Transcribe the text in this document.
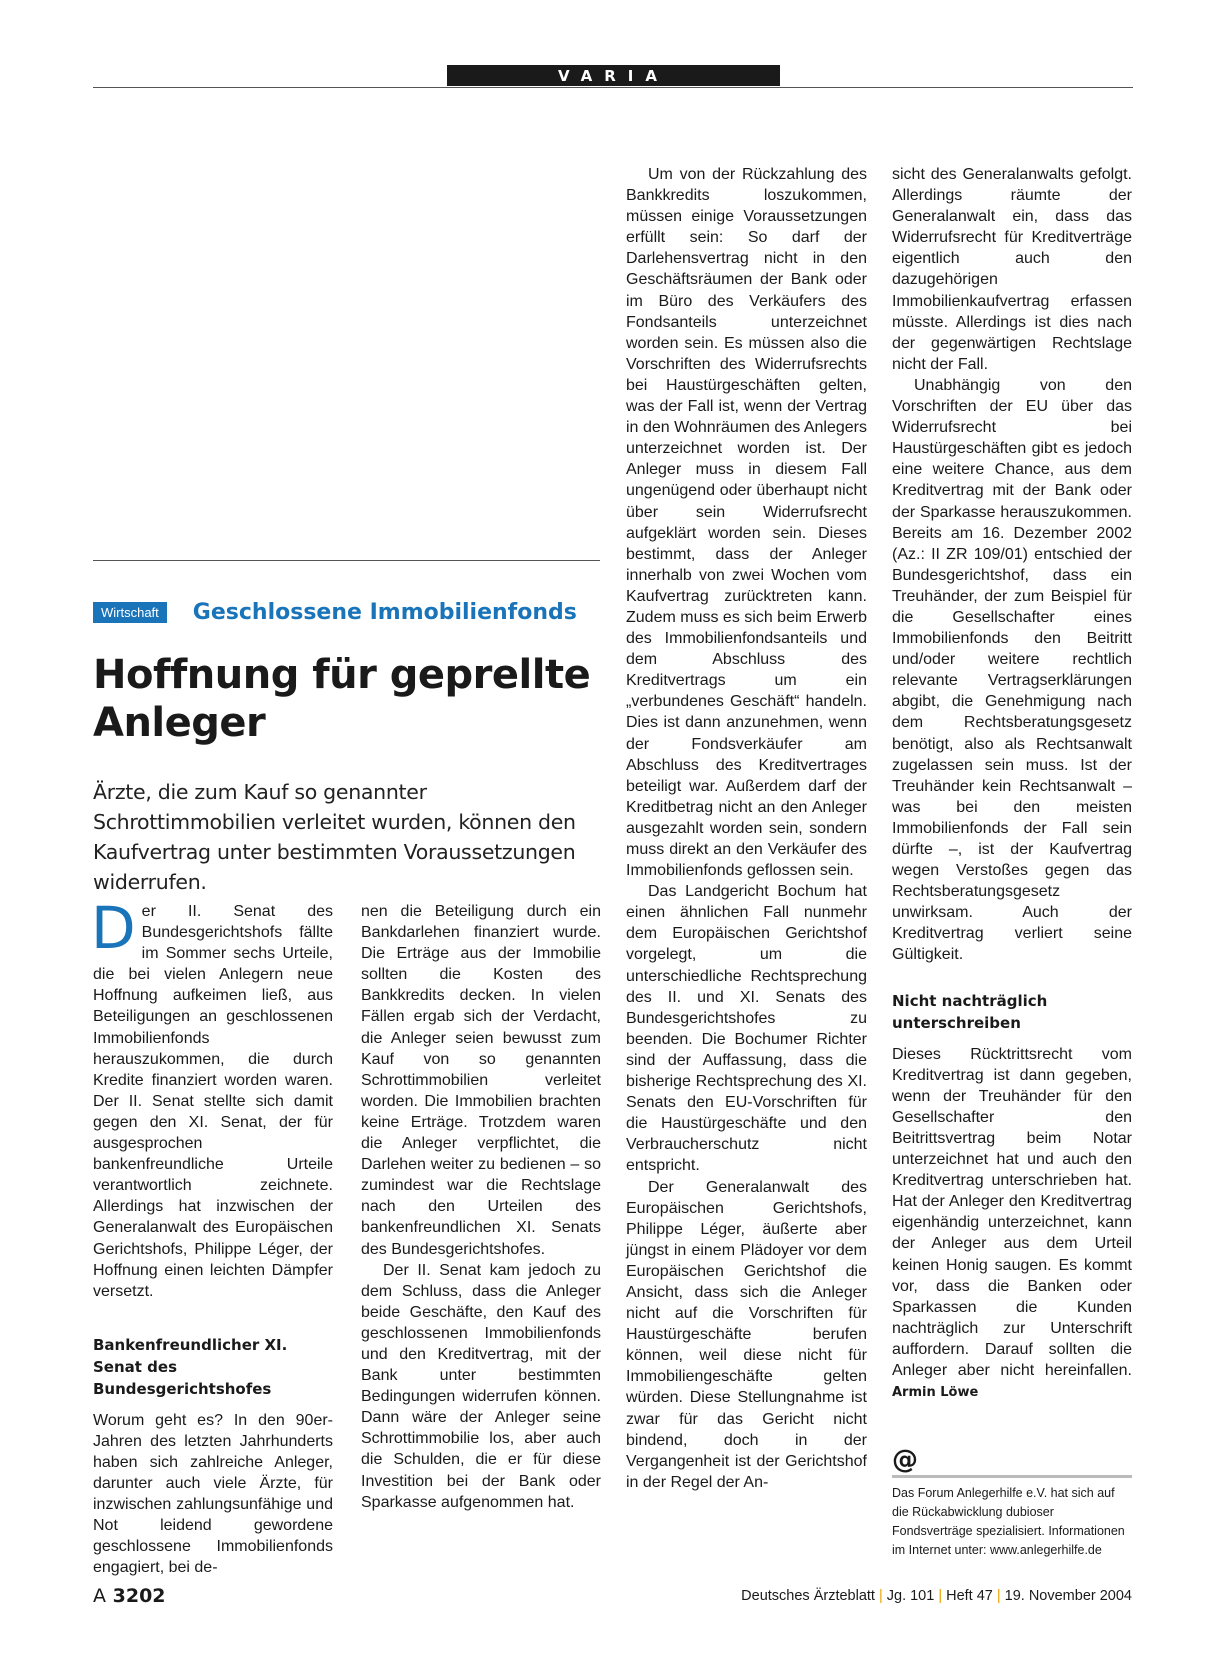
VARIA
Wirtschaft	Geschlossene Immobilienfonds
Hoffnung für geprellte Anleger
Ärzte, die zum Kauf so genannter Schrottimmobilien verleitet wurden, können den Kaufvertrag unter bestimmten Voraussetzungen widerrufen.

Der II. Senat des Bundesgerichtshofs fällte im Sommer sechs Urteile, die bei vielen Anlegern neue Hoffnung aufkeimen ließ, aus Beteiligungen an geschlossenen Immobilienfonds herauszukommen, die durch Kredite finanziert worden waren. Der II. Senat stellte sich damit gegen den XI. Senat, der für ausgesprochen bankenfreundliche Urteile verantwortlich zeichnete. Allerdings hat inzwischen der Generalanwalt des Europäischen Gerichtshofs, Philippe Léger, der Hoffnung einen leichten Dämpfer versetzt.

Bankenfreundlicher XI. Senat des Bundesgerichtshofes

Worum geht es? In den 90er-Jahren des letzten Jahrhunderts haben sich zahlreiche Anleger, darunter auch viele Ärzte, für inzwischen zahlungsunfähige und Not leidend gewordene geschlossene Immobilienfonds engagiert, bei de-

nen die Beteiligung durch ein Bankdarlehen finanziert wurde. Die Erträge aus der Immobilie sollten die Kosten des Bankkredits decken. In vielen Fällen ergab sich der Verdacht, die Anleger seien bewusst zum Kauf von so genannten Schrottimmobilien verleitet worden. Die Immobilien brachten keine Erträge. Trotzdem waren die Anleger verpflichtet, die Darlehen weiter zu bedienen – so zumindest war die Rechtslage nach den Urteilen des bankenfreundlichen XI. Senats des Bundesgerichtshofes.

Der II. Senat kam jedoch zu dem Schluss, dass die Anleger beide Geschäfte, den Kauf des geschlossenen Immobilienfonds und den Kreditvertrag, mit der Bank unter bestimmten Bedingungen widerrufen können. Dann wäre der Anleger seine Schrottimmobilie los, aber auch die Schulden, die er für diese Investition bei der Bank oder Sparkasse aufgenommen hat.

Um von der Rückzahlung des Bankkredits loszukommen, müssen einige Voraussetzungen erfüllt sein: So darf der Darlehensvertrag nicht in den Geschäftsräumen der Bank oder im Büro des Verkäufers des Fondsanteils unterzeichnet worden sein. Es müssen also die Vorschriften des Widerrufsrechts bei Haustürgeschäften gelten, was der Fall ist, wenn der Vertrag in den Wohnräumen des Anlegers unterzeichnet worden ist. Der Anleger muss in diesem Fall ungenügend oder überhaupt nicht über sein Widerrufsrecht aufgeklärt worden sein. Dieses bestimmt, dass der Anleger innerhalb von zwei Wochen vom Kaufvertrag zurücktreten kann. Zudem muss es sich beim Erwerb des Immobilienfondsanteils und dem Abschluss des Kreditvertrags um ein „verbundenes Geschäft“ handeln. Dies ist dann anzunehmen, wenn der Fondsverkäufer am Abschluss des Kreditvertrages beteiligt war. Außerdem darf der Kreditbetrag nicht an den Anleger ausgezahlt worden sein, sondern muss direkt an den Verkäufer des Immobilienfonds geflossen sein.

Das Landgericht Bochum hat einen ähnlichen Fall nunmehr dem Europäischen Gerichtshof vorgelegt, um die unterschiedliche Rechtsprechung des II. und XI. Senats des Bundesgerichtshofes zu beenden. Die Bochumer Richter sind der Auffassung, dass die bisherige Rechtsprechung des XI. Senats den EU-Vorschriften für die Haustürgeschäfte und den Verbraucherschutz nicht entspricht.

Der Generalanwalt des Europäischen Gerichtshofs, Philippe Léger, äußerte aber jüngst in einem Plädoyer vor dem Europäischen Gerichtshof die Ansicht, dass sich die Anleger nicht auf die Vorschriften für Haustürgeschäfte berufen können, weil diese nicht für Immobiliengeschäfte gelten würden. Diese Stellungnahme ist zwar für das Gericht nicht bindend, doch in der Vergangenheit ist der Gerichtshof in der Regel der An-

sicht des Generalanwalts gefolgt. Allerdings räumte der Generalanwalt ein, dass das Widerrufsrecht für Kreditverträge eigentlich auch den dazugehörigen Immobilienkaufvertrag erfassen müsste. Allerdings ist dies nach der gegenwärtigen Rechtslage nicht der Fall.

Unabhängig von den Vorschriften der EU über das Widerrufsrecht bei Haustürgeschäften gibt es jedoch eine weitere Chance, aus dem Kreditvertrag mit der Bank oder der Sparkasse herauszukommen. Bereits am 16. Dezember 2002 (Az.: II ZR 109/01) entschied der Bundesgerichtshof, dass ein Treuhänder, der zum Beispiel für die Gesellschafter eines Immobilienfonds den Beitritt und/oder weitere rechtlich relevante Vertragserklärungen abgibt, die Genehmigung nach dem Rechtsberatungsgesetz benötigt, also als Rechtsanwalt zugelassen sein muss. Ist der Treuhänder kein Rechtsanwalt – was bei den meisten Immobilienfonds der Fall sein dürfte –, ist der Kaufvertrag wegen Verstoßes gegen das Rechtsberatungsgesetz unwirksam. Auch der Kreditvertrag verliert seine Gültigkeit.

Nicht nachträglich unterschreiben

Dieses Rücktrittsrecht vom Kreditvertrag ist dann gegeben, wenn der Treuhänder für den Gesellschafter den Beitrittsvertrag beim Notar unterzeichnet hat und auch den Kreditvertrag unterschrieben hat. Hat der Anleger den Kreditvertrag eigenhändig unterzeichnet, kann der Anleger aus dem Urteil keinen Honig saugen. Es kommt vor, dass die Banken oder Sparkassen die Kunden nachträglich zur Unterschrift auffordern. Darauf sollten die Anleger aber nicht hereinfallen. Armin Löwe

@
Das Forum Anlegerhilfe e.V. hat sich auf die Rückabwicklung dubioser Fondsverträge spezialisiert. Informationen im Internet unter: www.anlegerhilfe.de
A 3202	Deutsches Ärzteblatt | Jg. 101 | Heft 47 | 19. November 2004
